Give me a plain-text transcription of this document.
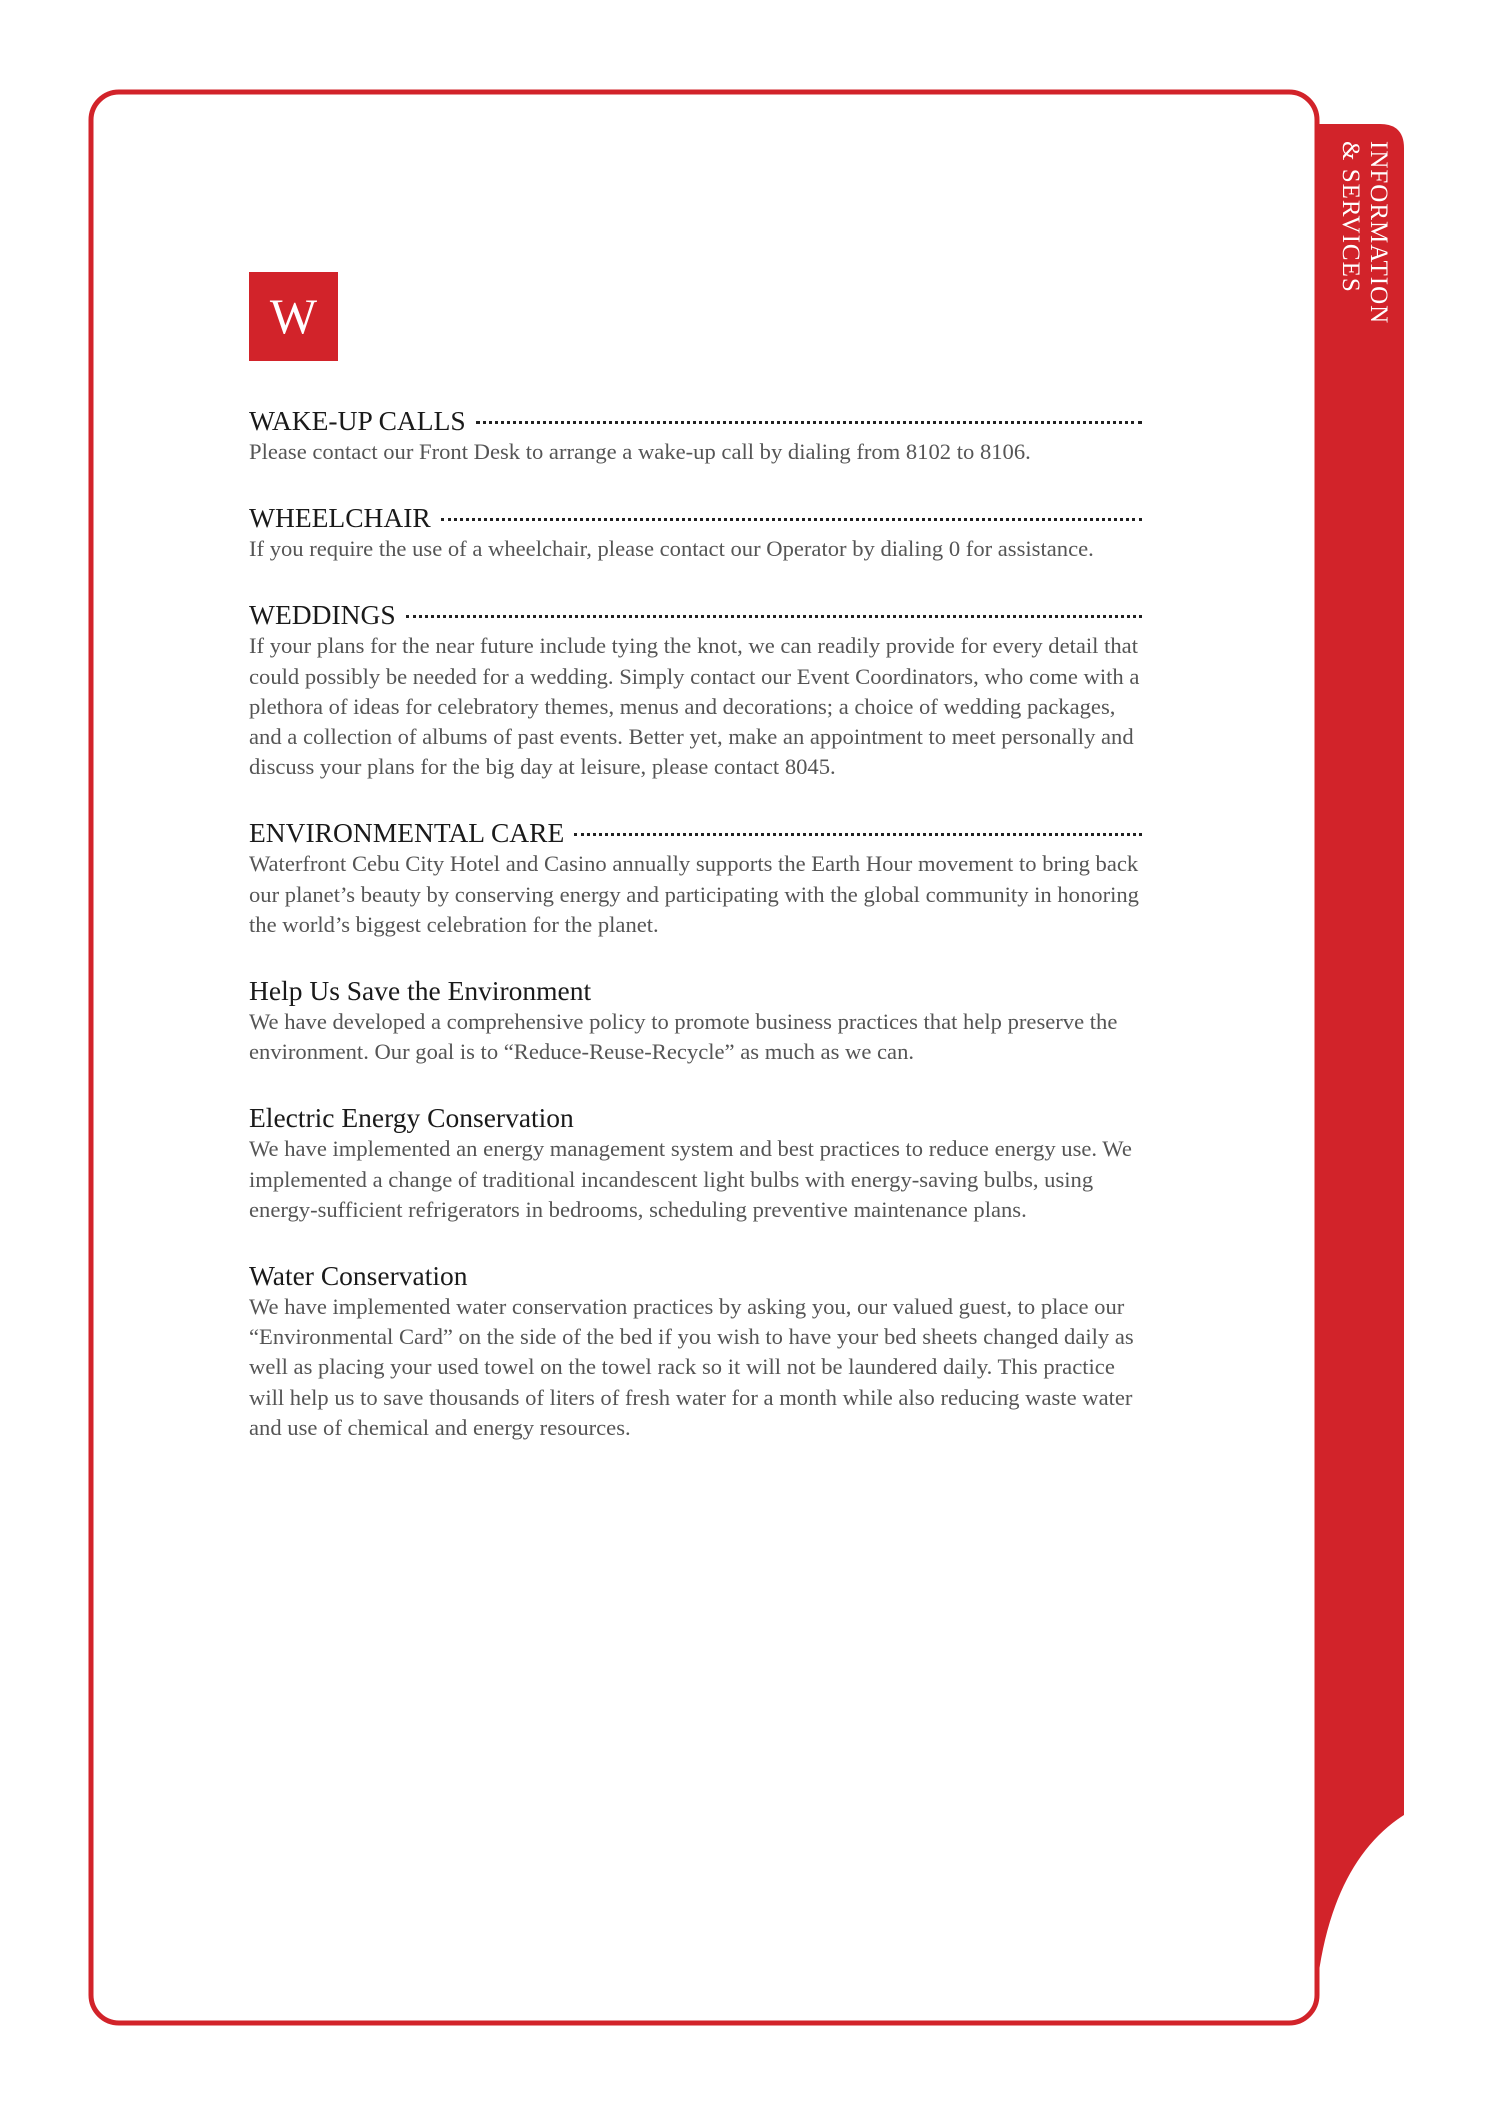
INFORMATION
& SERVICES
W
WAKE-UP CALLS

Please contact our Front Desk to arrange a wake-up call by dialing from 8102 to 8106.

WHEELCHAIR

If you require the use of a wheelchair, please contact our Operator by dialing 0 for assistance.

WEDDINGS

If your plans for the near future include tying the knot, we can readily provide for every detail that could possibly be needed for a wedding. Simply contact our Event Coordinators, who come with a plethora of ideas for celebratory themes, menus and decorations; a choice of wedding packages, and a collection of albums of past events. Better yet, make an appointment to meet personally and discuss your plans for the big day at leisure, please contact 8045.

ENVIRONMENTAL CARE

Waterfront Cebu City Hotel and Casino annually supports the Earth Hour movement to bring back our planet’s beauty by conserving energy and participating with the global community in honoring the world’s biggest celebration for the planet.

Help Us Save the Environment

We have developed a comprehensive policy to promote business practices that help preserve the environment. Our goal is to “Reduce-Reuse-Recycle” as much as we can.

Electric Energy Conservation

We have implemented an energy management system and best practices to reduce energy use. We implemented a change of traditional incandescent light bulbs with energy-saving bulbs, using energy-sufficient refrigerators in bedrooms, scheduling preventive maintenance plans.

Water Conservation

We have implemented water conservation practices by asking you, our valued guest, to place our “Environmental Card” on the side of the bed if you wish to have your bed sheets changed daily as well as placing your used towel on the towel rack so it will not be laundered daily. This practice will help us to save thousands of liters of fresh water for a month while also reducing waste water and use of chemical and energy resources.
